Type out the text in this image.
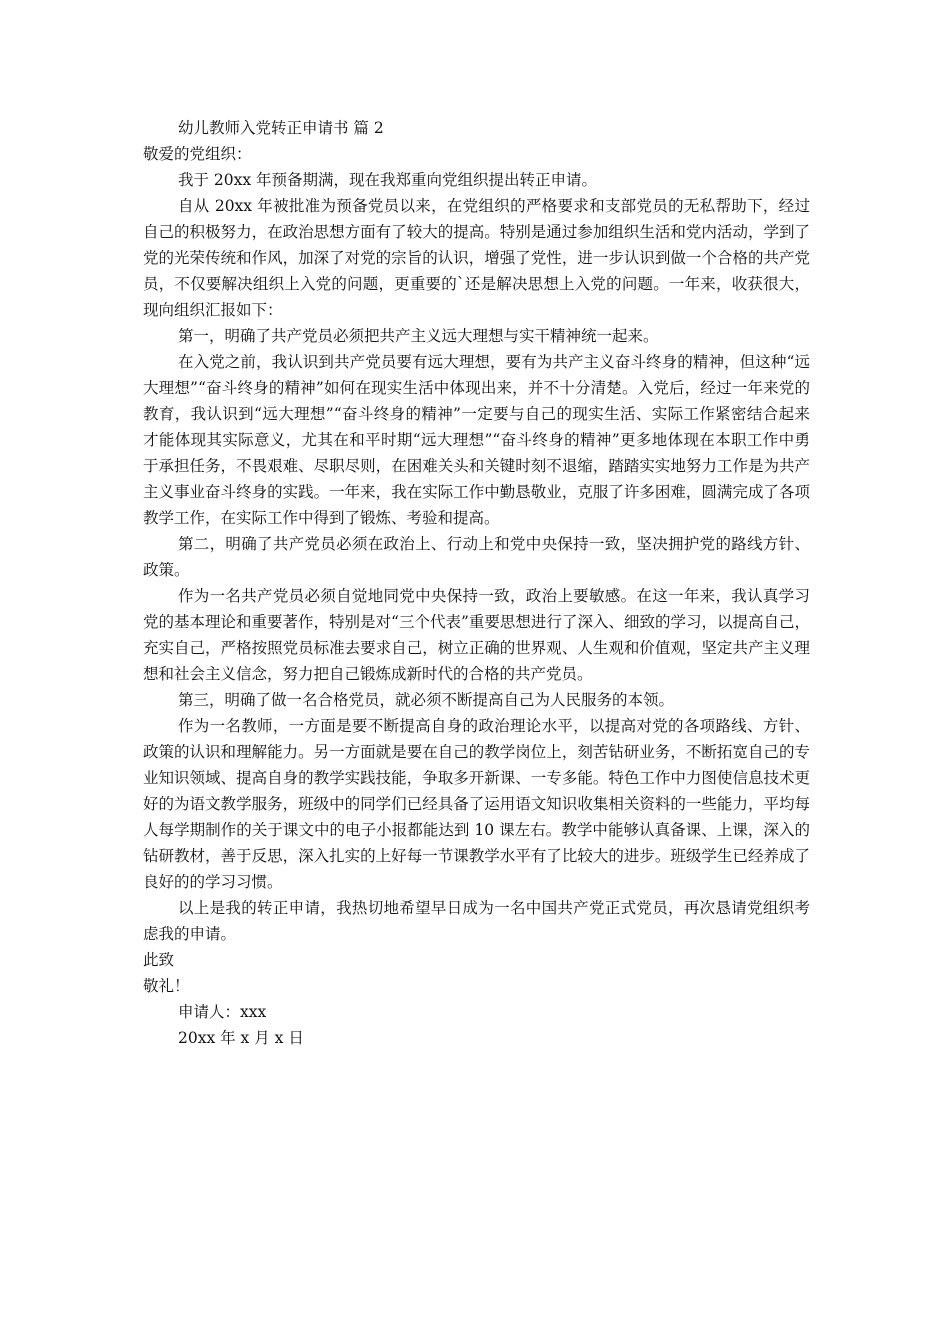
幼儿教师入党转正申请书 篇 2

敬爱的党组织：

我于 20xx 年预备期满，现在我郑重向党组织提出转正申请。

自从 20xx 年被批准为预备党员以来，在党组织的严格要求和支部党员的无私帮助下，经过自己的积极努力，在政治思想方面有了较大的提高。特别是通过参加组织生活和党内活动，学到了党的光荣传统和作风，加深了对党的宗旨的认识，增强了党性，进一步认识到做一个合格的共产党员，不仅要解决组织上入党的问题，更重要的`还是解决思想上入党的问题。一年来，收获很大，现向组织汇报如下：

第一，明确了共产党员必须把共产主义远大理想与实干精神统一起来。

在入党之前，我认识到共产党员要有远大理想，要有为共产主义奋斗终身的精神，但这种“远大理想”“奋斗终身的精神”如何在现实生活中体现出来，并不十分清楚。入党后，经过一年来党的教育，我认识到“远大理想”“奋斗终身的精神”一定要与自己的现实生活、实际工作紧密结合起来才能体现其实际意义，尤其在和平时期“远大理想”“奋斗终身的精神”更多地体现在本职工作中勇于承担任务，不畏艰难、尽职尽则，在困难关头和关键时刻不退缩，踏踏实实地努力工作是为共产主义事业奋斗终身的实践。一年来，我在实际工作中勤恳敬业，克服了许多困难，圆满完成了各项教学工作，在实际工作中得到了锻炼、考验和提高。

第二，明确了共产党员必须在政治上、行动上和党中央保持一致，坚决拥护党的路线方针、政策。

作为一名共产党员必须自觉地同党中央保持一致，政治上要敏感。在这一年来，我认真学习党的基本理论和重要著作，特别是对“三个代表”重要思想进行了深入、细致的学习，以提高自己，充实自己，严格按照党员标准去要求自己，树立正确的世界观、人生观和价值观，坚定共产主义理想和社会主义信念，努力把自己锻炼成新时代的合格的共产党员。

第三，明确了做一名合格党员，就必须不断提高自己为人民服务的本领。

作为一名教师，一方面是要不断提高自身的政治理论水平，以提高对党的各项路线、方针、政策的认识和理解能力。另一方面就是要在自己的教学岗位上，刻苦钻研业务，不断拓宽自己的专业知识领域、提高自身的教学实践技能，争取多开新课、一专多能。特色工作中力图使信息技术更好的为语文教学服务，班级中的同学们已经具备了运用语文知识收集相关资料的一些能力，平均每人每学期制作的关于课文中的电子小报都能达到 10 课左右。教学中能够认真备课、上课，深入的钻研教材，善于反思，深入扎实的上好每一节课教学水平有了比较大的进步。班级学生已经养成了良好的的学习习惯。

以上是我的转正申请，我热切地希望早日成为一名中国共产党正式党员，再次恳请党组织考虑我的申请。

此致

敬礼！

申请人：xxx

20xx 年 x 月 x 日
